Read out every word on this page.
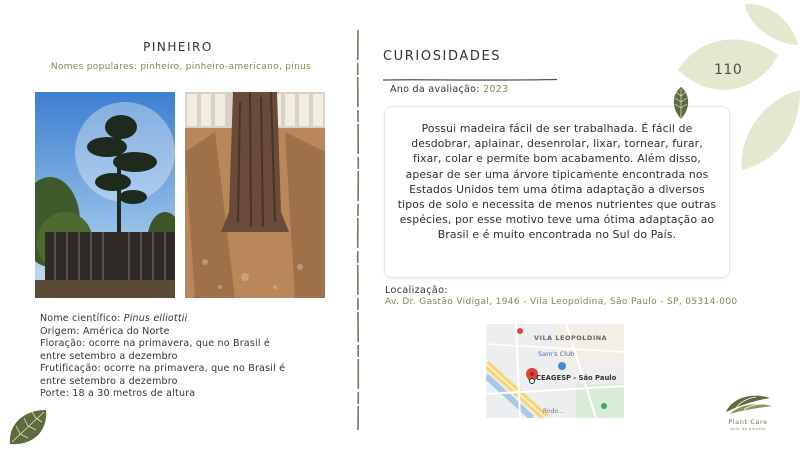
PINHEIRO
Nomes populares: pinheiro, pinheiro-americano, pinus
Nome científico: Pinus elliottii
Origem: América do Norte
Floração: ocorre na primavera, que no Brasil é
entre setembro a dezembro
Frutificação: ocorre na primavera, que no Brasil é
entre setembro a dezembro
Porte: 18 a 30 metros de altura
CURIOSIDADES
Ano da avaliação: 2023

Possui madeira fácil de ser trabalhada. É fácil de desdobrar, aplainar, desenrolar, lixar, tornear, furar, fixar, colar e permite bom acabamento. Além disso, apesar de ser uma árvore tipicamente encontrada nos Estados Unidos tem uma ótima adaptação a diversos tipos de solo e necessita de menos nutrientes que outras espécies, por esse motivo teve uma ótima adaptação ao Brasil e é muito encontrada no Sul do País.

Localização:
Av. Dr. Gastão Vidigal, 1946 - Vila Leopoldina, São Paulo - SP, 05314-000
VILA LEOPOLDINA
Sam's Club
CEAGESP - São Paulo
Rodo...
110
Plant Care
guia de plantas
